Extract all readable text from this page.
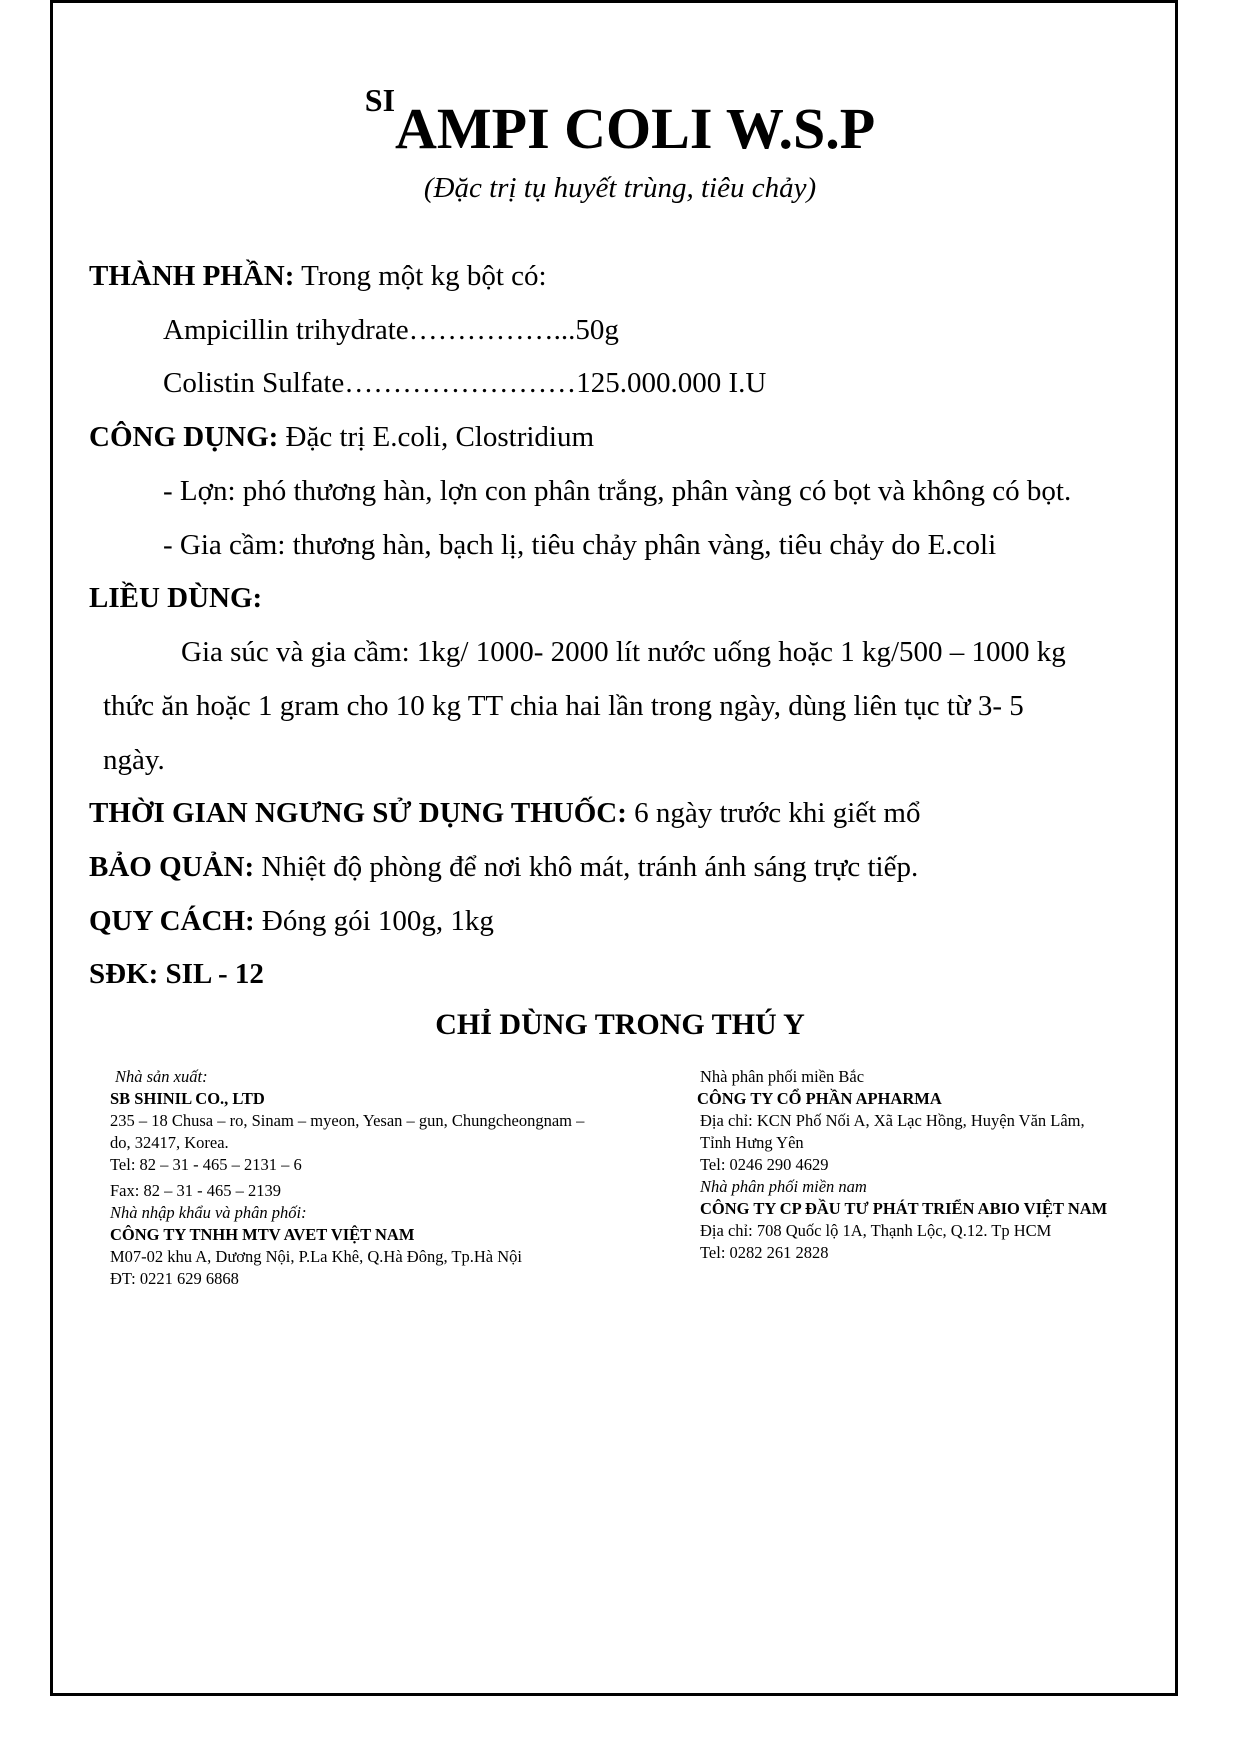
$^{SI}$AMPI COLI W.S.P
(Đặc trị tụ huyết trùng, tiêu chảy)
THÀNH PHẦN: Trong một kg bột có:
Ampicillin trihydrate……………...50g
Colistin Sulfate……………………125.000.000 I.U
CÔNG DỤNG: Đặc trị E.coli, Clostridium
- Lợn: phó thương hàn, lợn con phân trắng, phân vàng có bọt và không có bọt.
- Gia cầm: thương hàn, bạch lị, tiêu chảy phân vàng, tiêu chảy do E.coli
LIỀU DÙNG:
Gia súc và gia cầm: 1kg/ 1000- 2000 lít nước uống hoặc 1 kg/500 – 1000 kg
thức ăn hoặc 1 gram cho 10 kg TT chia hai lần trong ngày, dùng liên tục từ 3- 5
ngày.
THỜI GIAN NGƯNG SỬ DỤNG THUỐC: 6 ngày trước khi giết mổ
BẢO QUẢN: Nhiệt độ phòng để nơi khô mát, tránh ánh sáng trực tiếp.
QUY CÁCH: Đóng gói 100g, 1kg
SĐK: SIL - 12
CHỈ DÙNG TRONG THÚ Y
Nhà sản xuất:
SB SHINIL CO., LTD
235 – 18 Chusa – ro, Sinam – myeon, Yesan – gun, Chungcheongnam –
do, 32417, Korea.
Tel: 82 – 31 - 465 – 2131 – 6
Fax: 82 – 31 - 465 – 2139
Nhà nhập khẩu và phân phối:
CÔNG TY TNHH MTV AVET VIỆT NAM
M07-02 khu A, Dương Nội, P.La Khê, Q.Hà Đông, Tp.Hà Nội
ĐT: 0221 629 6868
Nhà phân phối miền Bắc
CÔNG TY CỔ PHẦN APHARMA
Địa chỉ: KCN Phố Nối A, Xã Lạc Hồng, Huyện Văn Lâm,
Tỉnh Hưng Yên
Tel: 0246 290 4629
Nhà phân phối miền nam
CÔNG TY CP ĐẦU TƯ PHÁT TRIỂN ABIO VIỆT NAM
Địa chỉ: 708 Quốc lộ 1A, Thạnh Lộc, Q.12. Tp HCM
Tel: 0282 261 2828
